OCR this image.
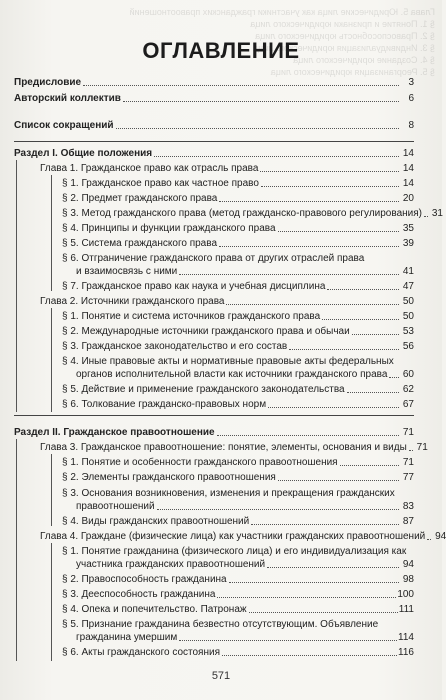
Глава 5. Юридические лица как участники гражданских правоотношений
§ 1. Понятие и признаки юридического лица
§ 2. Правоспособность юридического лица
§ 3. Индивидуализация юридического лица
§ 4. Создание юридического лица
§ 5. Реорганизация юридического лица
ОГЛАВЛЕНИЕ
Предисловие	3
Авторский коллектив	6
Список сокращений	8
Раздел I. Общие положения	14
Глава 1. Гражданское право как отрасль права	14
§ 1. Гражданское право как частное право	14
§ 2. Предмет гражданского права	20
§ 3. Метод гражданского права (метод гражданско-правового регулирования) 31
§ 4. Принципы и функции гражданского права	35
§ 5. Система гражданского права	39
§ 6. Отграничение гражданского права от других отраслей права
и взаимосвязь с ними	41
§ 7. Гражданское право как наука и учебная дисциплина	47
Глава 2. Источники гражданского права	50
§ 1. Понятие и система источников гражданского права	50
§ 2. Международные источники гражданского права и обычаи	53
§ 3. Гражданское законодательство и его состав	56
§ 4. Иные правовые акты и нормативные правовые акты федеральных
органов исполнительной власти как источники гражданского права 60
§ 5. Действие и применение гражданского законодательства	62
§ 6. Толкование гражданско-правовых норм	67
Раздел II. Гражданское правоотношение	71
Глава 3. Гражданское правоотношение: понятие, элементы, основания и виды 71
§ 1. Понятие и особенности гражданского правоотношения	71
§ 2. Элементы гражданского правоотношения	77
§ 3. Основания возникновения, изменения и прекращения гражданских
правоотношений	83
§ 4. Виды гражданских правоотношений	87
Глава 4. Граждане (физические лица) как участники гражданских правоотношений 94
§ 1. Понятие гражданина (физического лица) и его индивидуализация как
участника гражданских правоотношений	94
§ 2. Правоспособность гражданина	98
§ 3. Дееспособность гражданина	100
§ 4. Опека и попечительство. Патронаж	111
§ 5. Признание гражданина безвестно отсутствующим. Объявление
гражданина умершим	114
§ 6. Акты гражданского состояния	116
571
